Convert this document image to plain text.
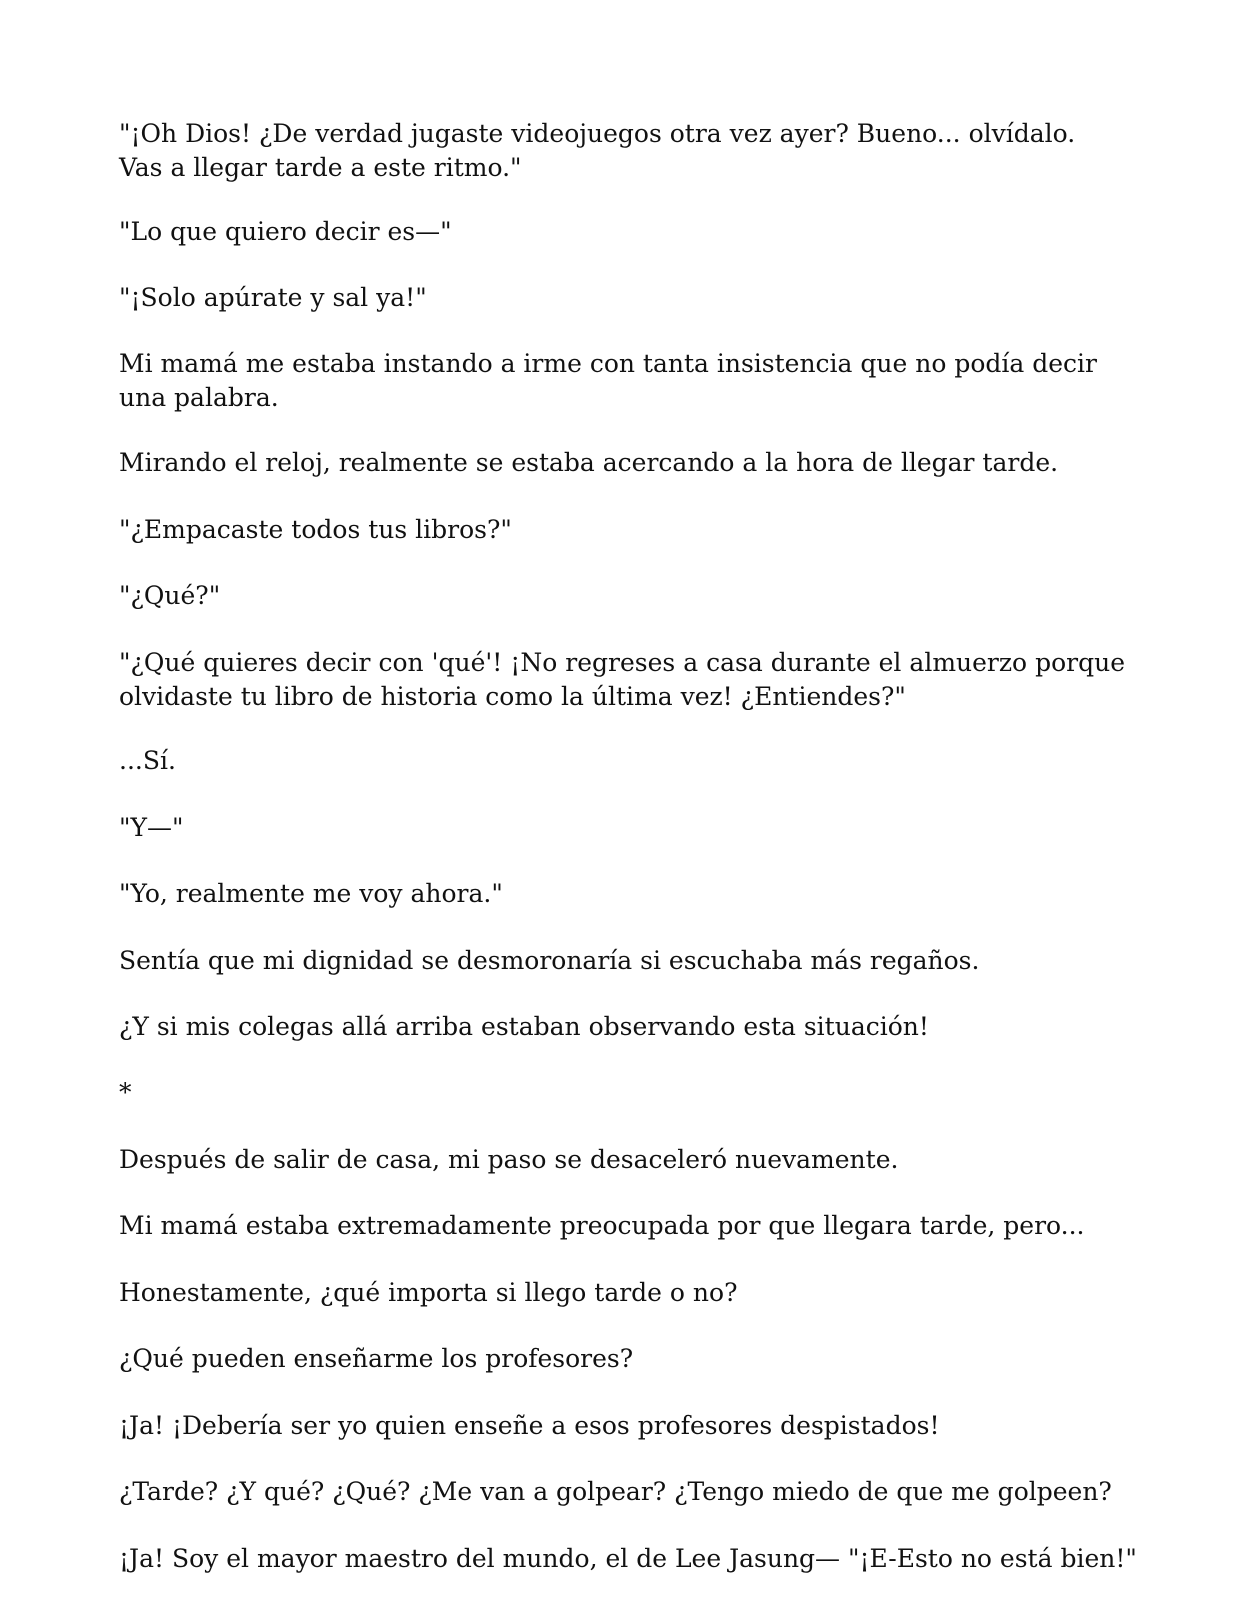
"¡Oh Dios! ¿De verdad jugaste videojuegos otra vez ayer? Bueno... olvídalo. Vas a llegar tarde a este ritmo."

"Lo que quiero decir es—"

"¡Solo apúrate y sal ya!"

Mi mamá me estaba instando a irme con tanta insistencia que no podía decir una palabra.

Mirando el reloj, realmente se estaba acercando a la hora de llegar tarde.

"¿Empacaste todos tus libros?"

"¿Qué?"

"¿Qué quieres decir con 'qué'! ¡No regreses a casa durante el almuerzo porque olvidaste tu libro de historia como la última vez! ¿Entiendes?"

...Sí.

"Y—"

"Yo, realmente me voy ahora."

Sentía que mi dignidad se desmoronaría si escuchaba más regaños.

¿Y si mis colegas allá arriba estaban observando esta situación!

*

Después de salir de casa, mi paso se desaceleró nuevamente.

Mi mamá estaba extremadamente preocupada por que llegara tarde, pero...

Honestamente, ¿qué importa si llego tarde o no?

¿Qué pueden enseñarme los profesores?

¡Ja! ¡Debería ser yo quien enseñe a esos profesores despistados!

¿Tarde? ¿Y qué? ¿Qué? ¿Me van a golpear? ¿Tengo miedo de que me golpeen?

¡Ja! Soy el mayor maestro del mundo, el de Lee Jasung— "¡E-Esto no está bien!"
